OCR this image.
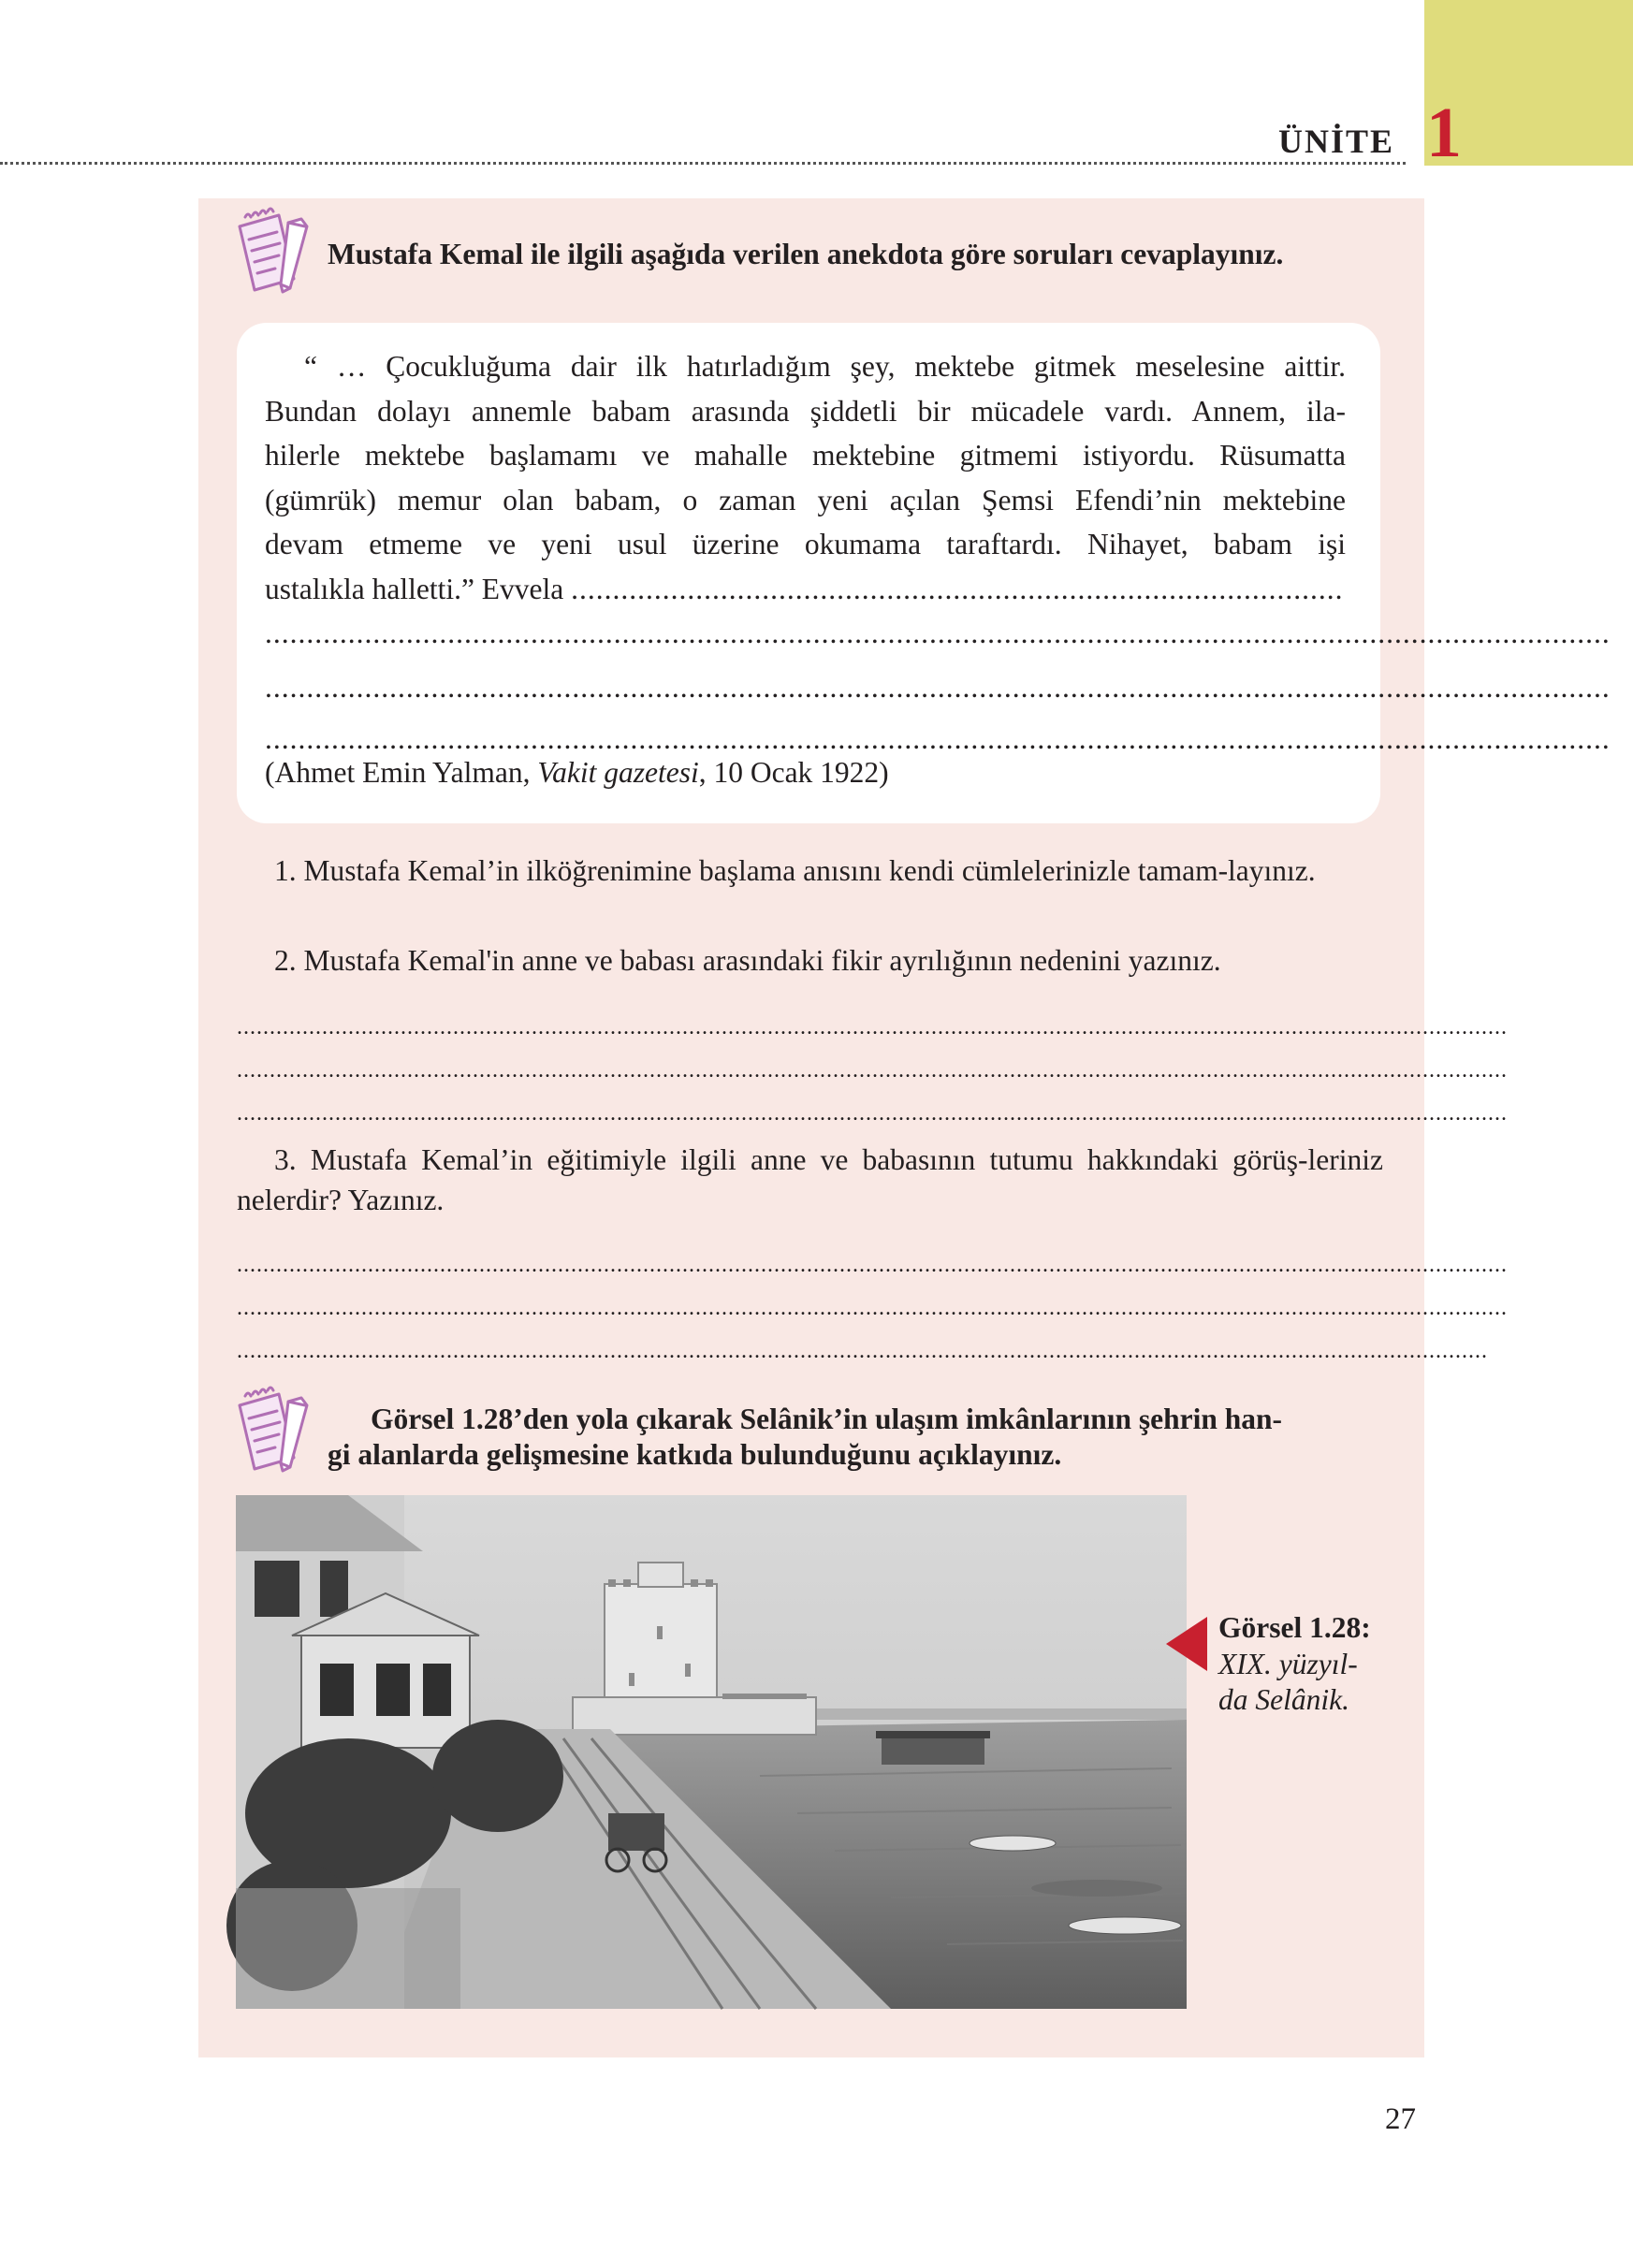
ÜNİTE 1
Mustafa Kemal ile ilgili aşağıda verilen anekdota göre soruları cevaplayınız.
“ … Çocukluğuma dair ilk hatırladığım şey, mektebe gitmek meselesine aittir.
Bundan dolayı annemle babam arasında şiddetli bir mücadele vardı. Annem, ila-
hilerle mektebe başlamamı ve mahalle mektebine gitmemi istiyordu. Rüsumatta
(gümrük) memur olan babam, o zaman yeni açılan Şemsi Efendi’nin mektebine
devam etmeme ve yeni usul üzerine okumama taraftardı. Nihayet, babam işi
ustalıkla halletti.” Evvela .............................................................................................
..................................................................................................................................................................
..................................................................................................................................................................
..................................................................................................................................................................
(Ahmet Emin Yalman, Vakit gazetesi, 10 Ocak 1922)
1. Mustafa Kemal’in ilköğrenimine başlama anısını kendi cümlelerinizle tamam-layınız.
2. Mustafa Kemal'in anne ve babası arasındaki fikir ayrılığının nedenini yazınız.
..................................................................................................................................................................................................
..................................................................................................................................................................................................
..................................................................................................................................................................................................
3. Mustafa Kemal’in eğitimiyle ilgili anne ve babasının tutumu hakkındaki görüş-leriniz nelerdir? Yazınız.
..................................................................................................................................................................................................
..................................................................................................................................................................................................
...............................................................................................................................................................................................
Görsel 1.28’den yola çıkarak Selânik’in ulaşım imkânlarının şehrin han-
gi alanlarda gelişmesine katkıda bulunduğunu açıklayınız.
Görsel 1.28:
XIX. yüzyıl-
da Selânik.
27
